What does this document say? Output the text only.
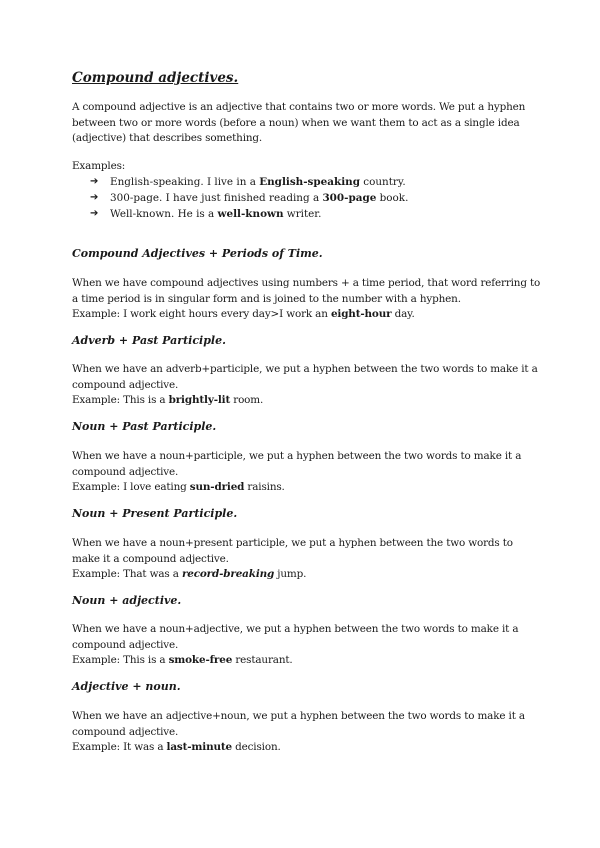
Compound adjectives.

A compound adjective is an adjective that contains two or more words. We put a hyphen between two or more words (before a noun) when we want them to act as a single idea (adjective) that describes something.

Examples:

➔ English-speaking. I live in a English-speaking country.
➔ 300-page. I have just finished reading a 300-page book.
➔ Well-known. He is a well-known writer.
Compound Adjectives + Periods of Time.

When we have compound adjectives using numbers + a time period, that word referring to a time period is in singular form and is joined to the number with a hyphen.
Example: I work eight hours every day>I work an eight-hour day.

Adverb + Past Participle.

When we have an adverb+participle, we put a hyphen between the two words to make it a compound adjective.
Example: This is a brightly-lit room.

Noun + Past Participle.

When we have a noun+participle, we put a hyphen between the two words to make it a compound adjective.
Example: I love eating sun-dried raisins.

Noun + Present Participle.

When we have a noun+present participle, we put a hyphen between the two words to make it a compound adjective.
Example: That was a record-breaking jump.

Noun + adjective.

When we have a noun+adjective, we put a hyphen between the two words to make it a compound adjective.
Example: This is a smoke-free restaurant.

Adjective + noun.

When we have an adjective+noun, we put a hyphen between the two words to make it a compound adjective.
Example: It was a last-minute decision.
